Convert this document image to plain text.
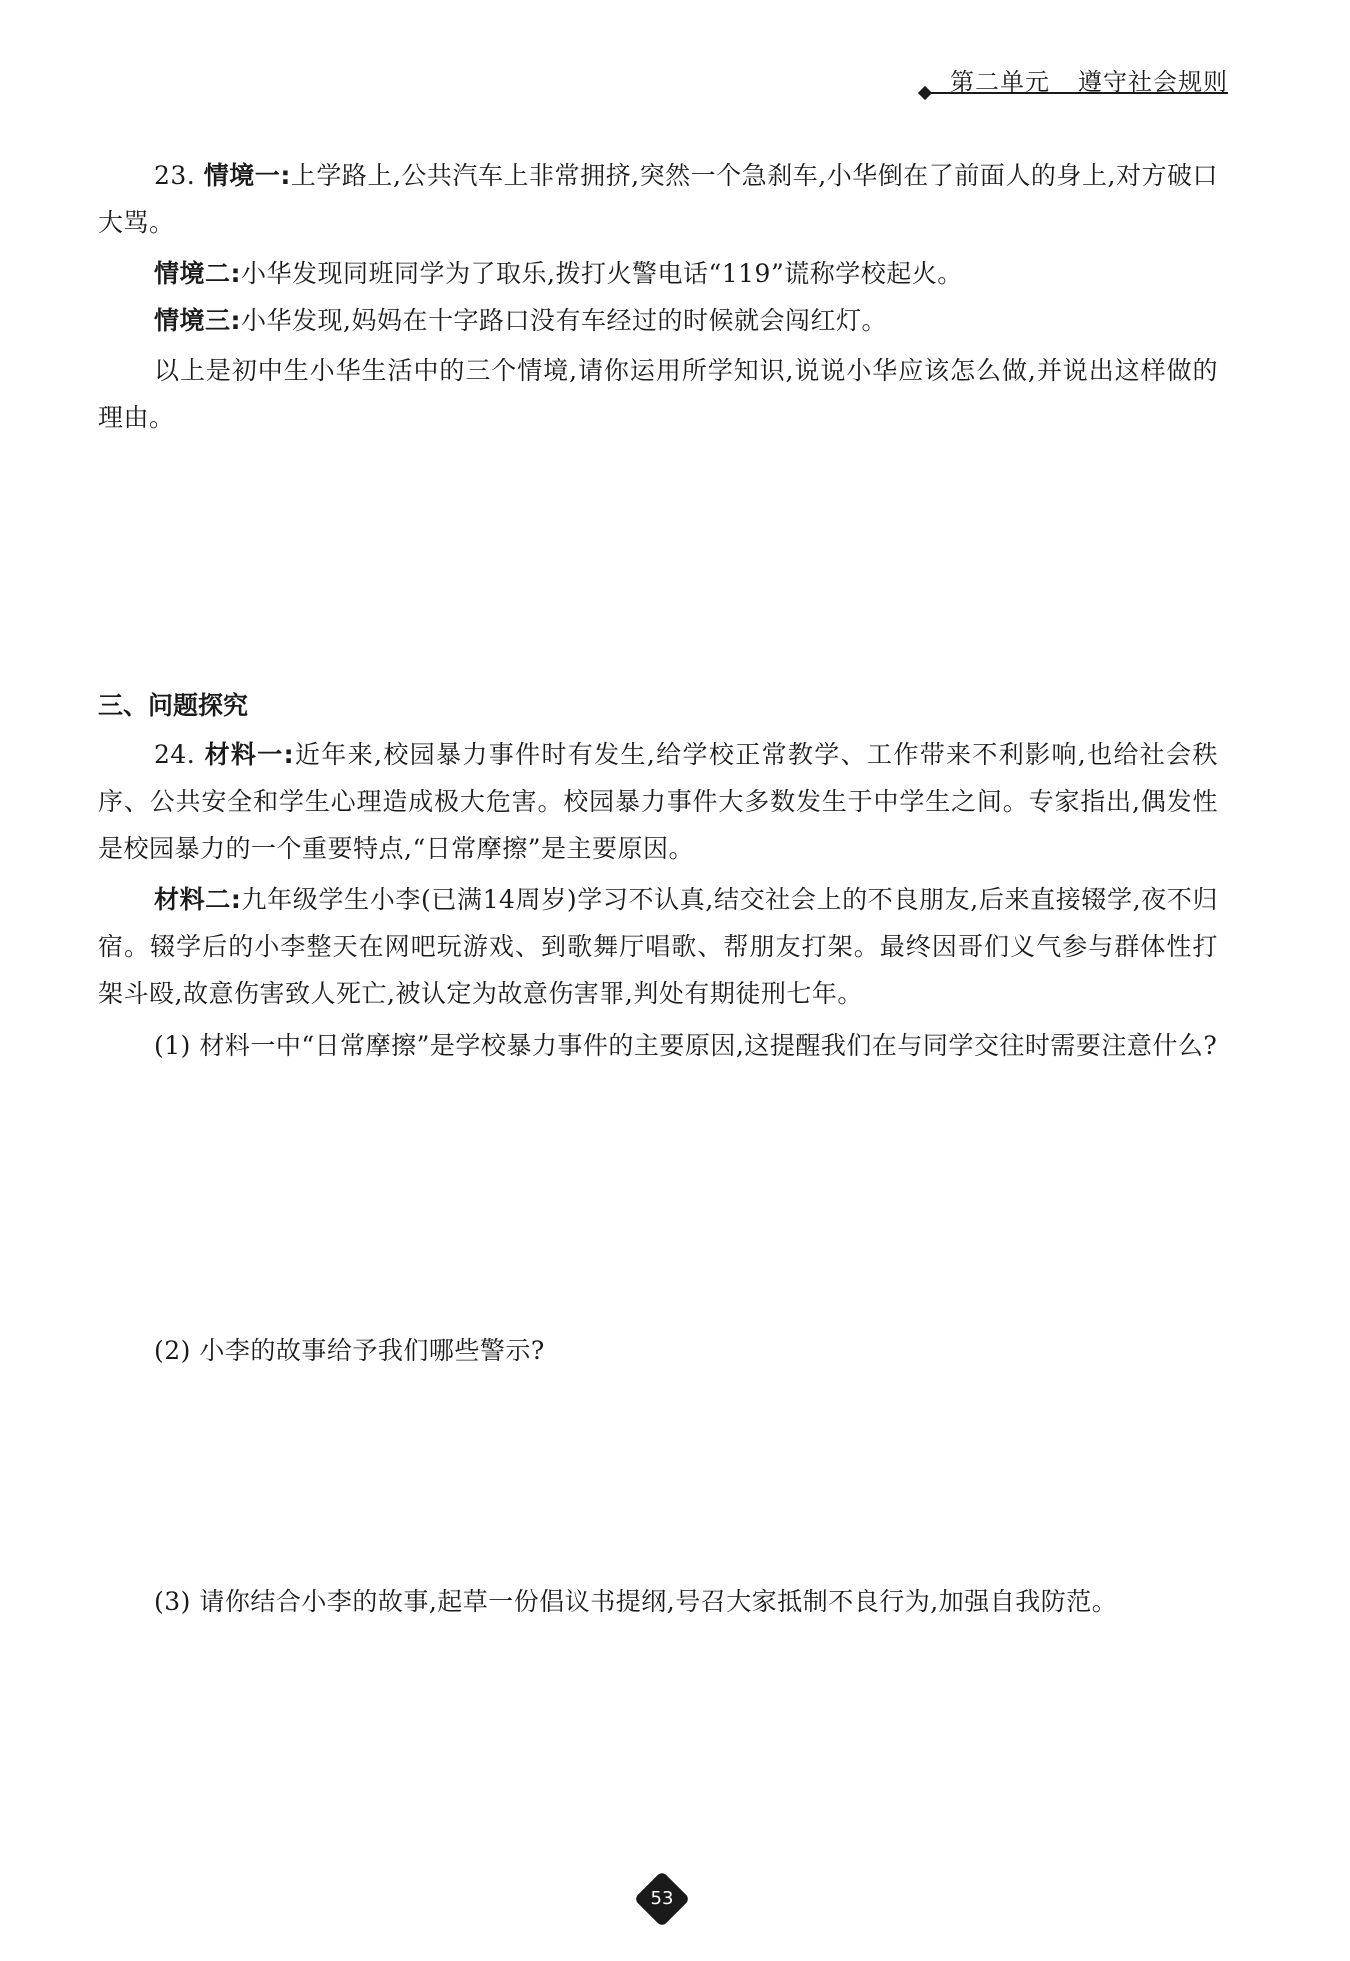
第二单元 遵守社会规则
23. 情境一:上学路上,公共汽车上非常拥挤,突然一个急刹车,小华倒在了前面人的身上,对方破口大骂。
情境二:小华发现同班同学为了取乐,拨打火警电话“119”谎称学校起火。
情境三:小华发现,妈妈在十字路口没有车经过的时候就会闯红灯。
以上是初中生小华生活中的三个情境,请你运用所学知识,说说小华应该怎么做,并说出这样做的理由。
三、问题探究
24. 材料一:近年来,校园暴力事件时有发生,给学校正常教学、工作带来不利影响,也给社会秩序、公共安全和学生心理造成极大危害。校园暴力事件大多数发生于中学生之间。专家指出,偶发性是校园暴力的一个重要特点,“日常摩擦”是主要原因。
材料二:九年级学生小李(已满14周岁)学习不认真,结交社会上的不良朋友,后来直接辍学,夜不归宿。辍学后的小李整天在网吧玩游戏、到歌舞厅唱歌、帮朋友打架。最终因哥们义气参与群体性打架斗殴,故意伤害致人死亡,被认定为故意伤害罪,判处有期徒刑七年。
(1) 材料一中“日常摩擦”是学校暴力事件的主要原因,这提醒我们在与同学交往时需要注意什么?
(2) 小李的故事给予我们哪些警示?
(3) 请你结合小李的故事,起草一份倡议书提纲,号召大家抵制不良行为,加强自我防范。
53
